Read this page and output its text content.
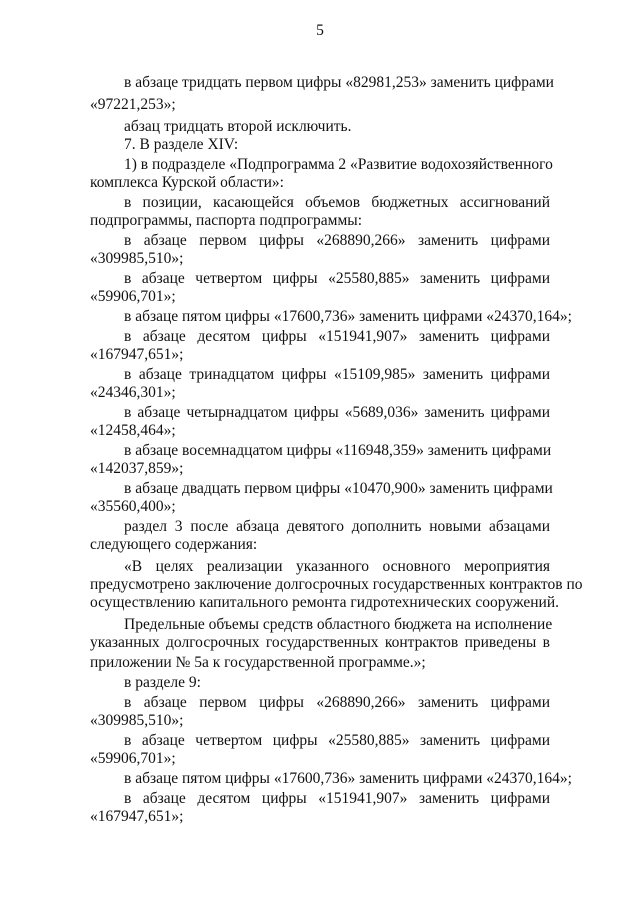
5
в абзаце тридцать первом цифры «82981,253» заменить цифрами
«97221,253»;
абзац тридцать второй исключить.
7. В разделе XIV:
1) в подразделе «Подпрограмма 2 «Развитие водохозяйственного
комплекса Курской области»:
в позиции, касающейся объемов бюджетных ассигнований
подпрограммы, паспорта подпрограммы:
в абзаце первом цифры «268890,266» заменить цифрами
«309985,510»;
в абзаце четвертом цифры «25580,885» заменить цифрами
«59906,701»;
в абзаце пятом цифры «17600,736» заменить цифрами «24370,164»;
в абзаце десятом цифры «151941,907» заменить цифрами
«167947,651»;
в абзаце тринадцатом цифры «15109,985» заменить цифрами
«24346,301»;
в абзаце четырнадцатом цифры «5689,036» заменить цифрами
«12458,464»;
в абзаце восемнадцатом цифры «116948,359» заменить цифрами
«142037,859»;
в абзаце двадцать первом цифры «10470,900» заменить цифрами
«35560,400»;
раздел 3 после абзаца девятого дополнить новыми абзацами
следующего содержания:
«В целях реализации указанного основного мероприятия
предусмотрено заключение долгосрочных государственных контрактов по
осуществлению капитального ремонта гидротехнических сооружений.
Предельные объемы средств областного бюджета на исполнение
указанных долгосрочных государственных контрактов приведены в
приложении № 5а к государственной программе.»;
в разделе 9:
в абзаце первом цифры «268890,266» заменить цифрами
«309985,510»;
в абзаце четвертом цифры «25580,885» заменить цифрами
«59906,701»;
в абзаце пятом цифры «17600,736» заменить цифрами «24370,164»;
в абзаце десятом цифры «151941,907» заменить цифрами
«167947,651»;
